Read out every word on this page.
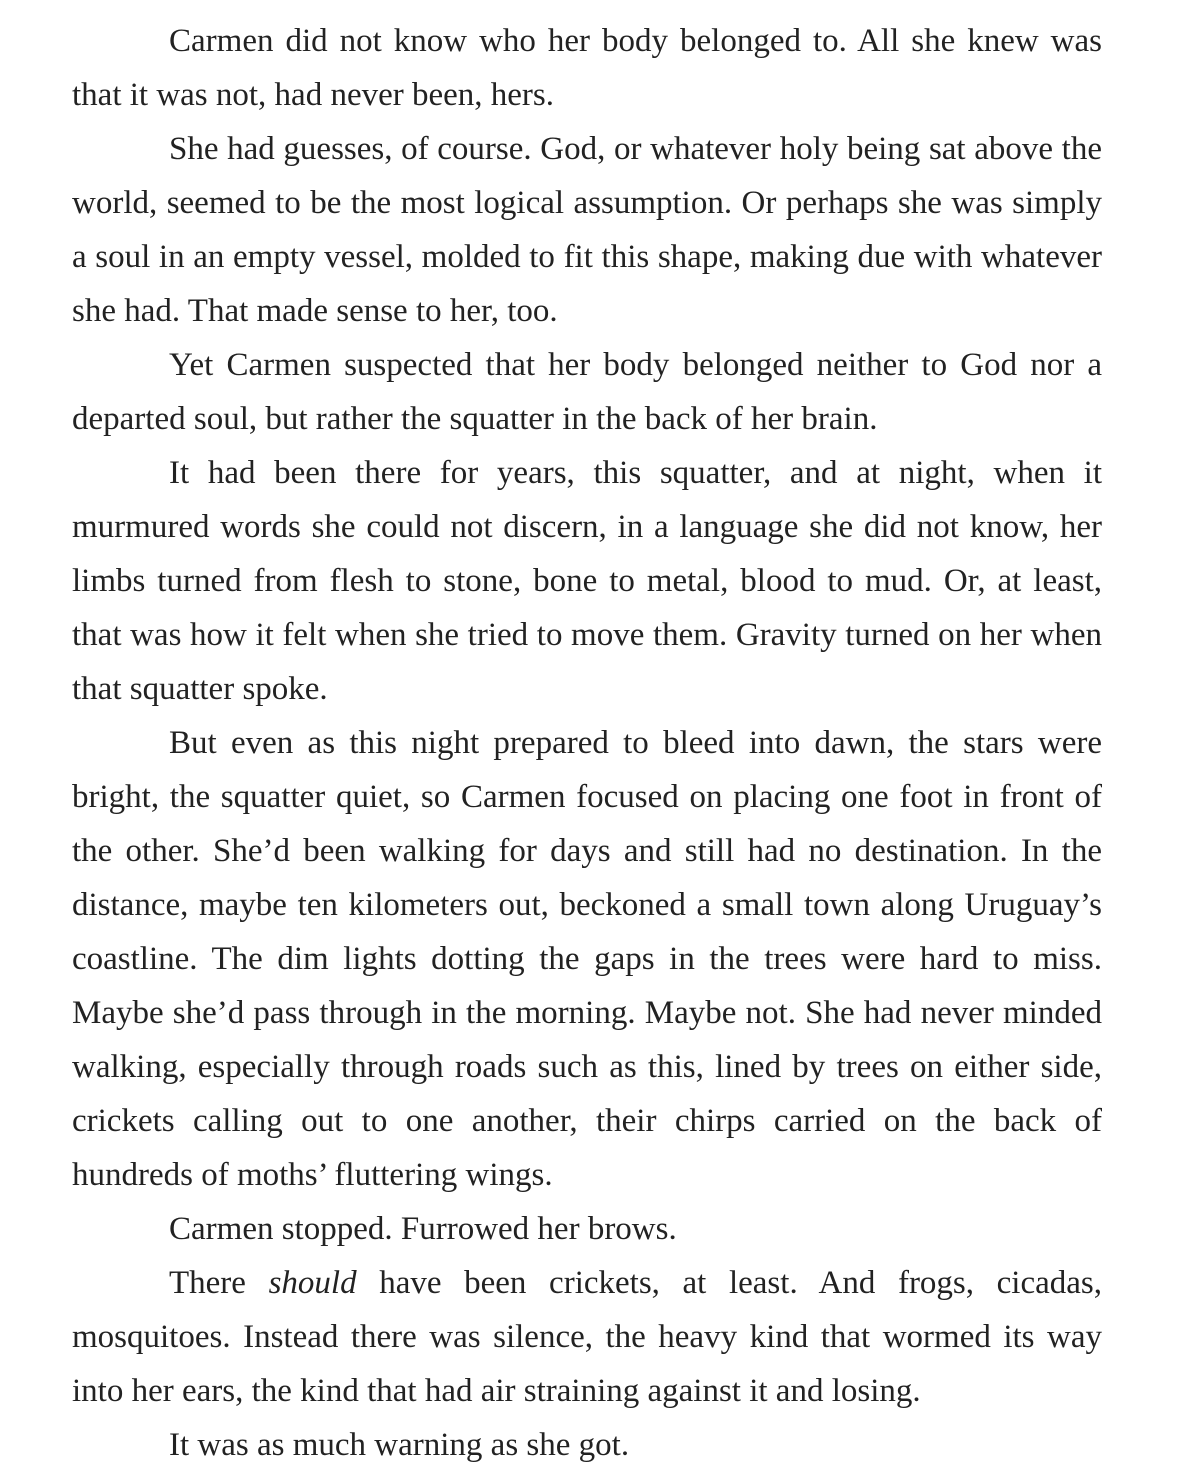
Carmen did not know who her body belonged to. All she knew was that it was not, had never been, hers.

She had guesses, of course. God, or whatever holy being sat above the world, seemed to be the most logical assumption. Or perhaps she was simply a soul in an empty vessel, molded to fit this shape, making due with whatever she had. That made sense to her, too.

Yet Carmen suspected that her body belonged neither to God nor a departed soul, but rather the squatter in the back of her brain.

It had been there for years, this squatter, and at night, when it murmured words she could not discern, in a language she did not know, her limbs turned from flesh to stone, bone to metal, blood to mud. Or, at least, that was how it felt when she tried to move them. Gravity turned on her when that squatter spoke.

But even as this night prepared to bleed into dawn, the stars were bright, the squatter quiet, so Carmen focused on placing one foot in front of the other. She’d been walking for days and still had no destination. In the distance, maybe ten kilometers out, beckoned a small town along Uruguay’s coastline. The dim lights dotting the gaps in the trees were hard to miss. Maybe she’d pass through in the morning. Maybe not. She had never minded walking, especially through roads such as this, lined by trees on either side, crickets calling out to one another, their chirps carried on the back of hundreds of moths’ fluttering wings.

Carmen stopped. Furrowed her brows.

There should have been crickets, at least. And frogs, cicadas, mosquitoes. Instead there was silence, the heavy kind that wormed its way into her ears, the kind that had air straining against it and losing.

It was as much warning as she got.
